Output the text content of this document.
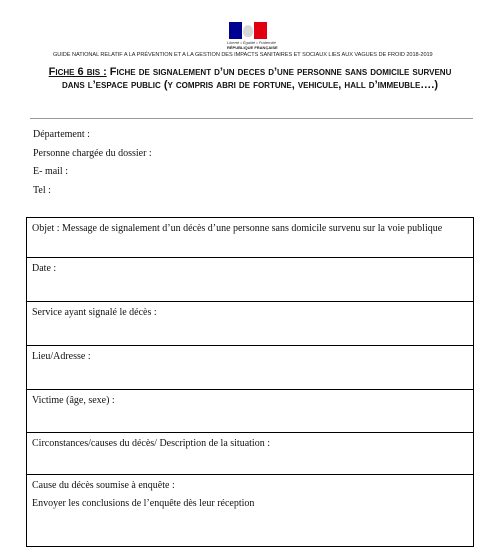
Liberté • Égalité • Fraternité
RÉPUBLIQUE FRANÇAISE
GUIDE NATIONAL RELATIF A LA PRÉVENTION ET A LA GESTION DES IMPACTS SANITAIRES ET SOCIAUX LIES AUX VAGUES DE FROID 2018-2019
Fiche 6 bis : Fiche de signalement d’un deces d’une personne sans domicile survenu dans l’espace public (y compris abri de fortune, vehicule, hall d’immeuble….)
Département :
Personne chargée du dossier :
E- mail :
Tel :
Objet : Message de signalement d’un décès d’une personne sans domicile survenu sur la voie publique
Date :
Service ayant signalé le décès :
Lieu/Adresse :
Victime (âge, sexe) :
Circonstances/causes du décès/ Description de la situation :
Cause du décès soumise à enquête :
Envoyer les conclusions de l’enquête dès leur réception
